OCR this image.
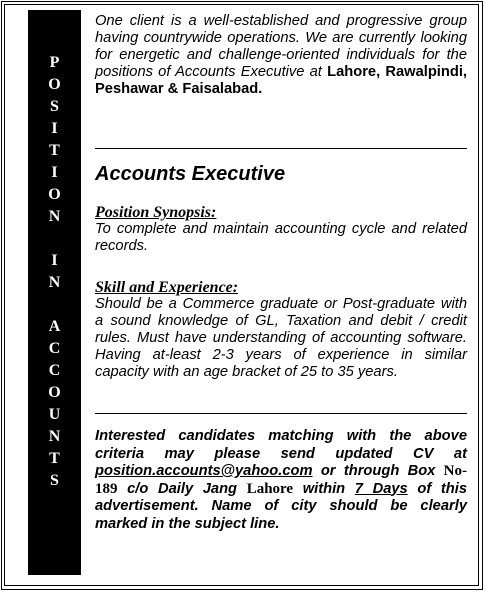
P
O
S
I
T
I
O
N
I
N
A
C
C
O
U
N
T
S

One client is a well-established and progressive group having countrywide operations. We are currently looking for energetic and challenge-oriented individuals for the positions of Accounts Executive at Lahore, Rawalpindi, Peshawar & Faisalabad.

Accounts Executive
Position Synopsis:
To complete and maintain accounting cycle and related records.
Skill and Experience:
Should be a Commerce graduate or Post-graduate with a sound knowledge of GL, Taxation and debit / credit rules. Must have understanding of accounting software. Having at-least 2-3 years of experience in similar capacity with an age bracket of 25 to 35 years.
Interested candidates matching with the above criteria may please send updated CV at position.accounts@yahoo.com or through Box No-189 c/o Daily Jang Lahore within 7 Days of this advertisement. Name of city should be clearly marked in the subject line.
